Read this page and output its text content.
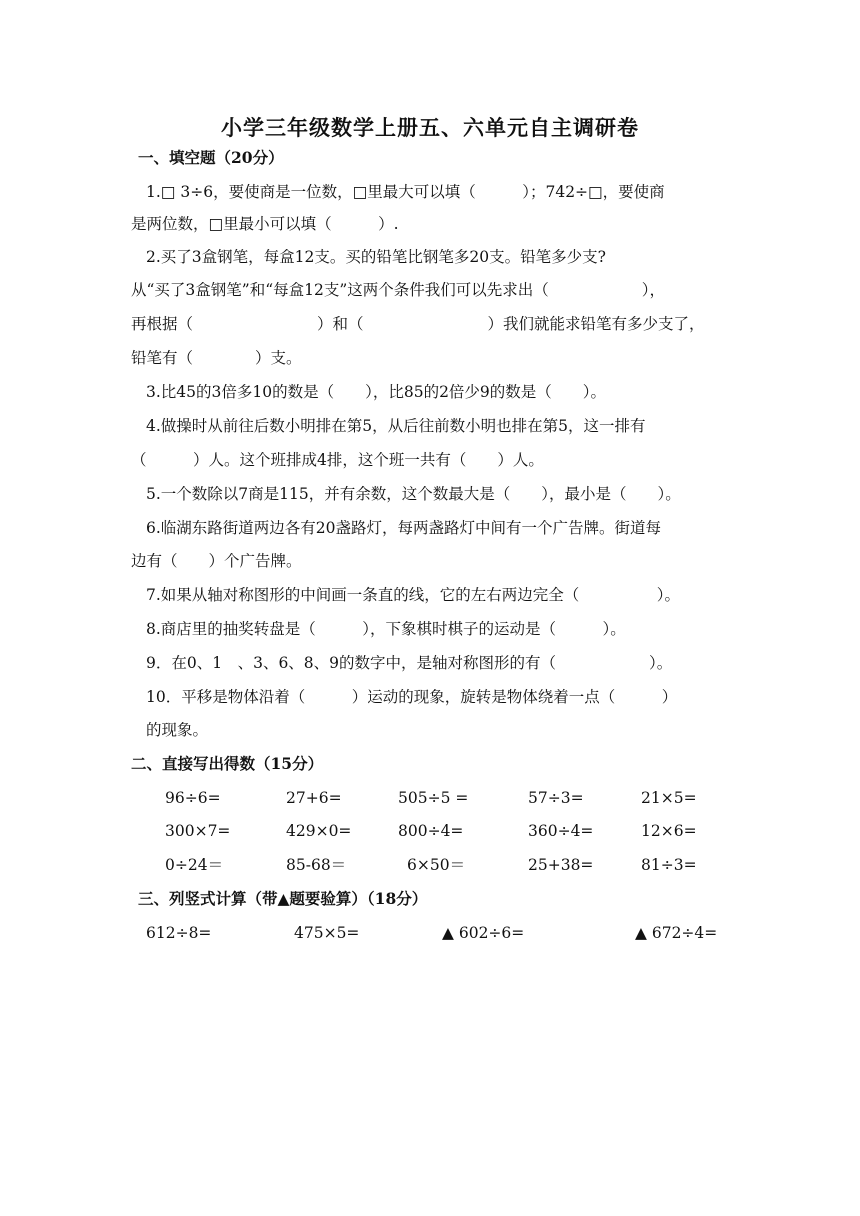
小学三年级数学上册五、六单元自主调研卷
一、填空题（20分）
1.□ 3÷6，要使商是一位数，□里最大可以填（　　　）；742÷□，要使商
是两位数，□里最小可以填（　　　）.
2.买了3盒钢笔，每盒12支。买的铅笔比钢笔多20支。铅笔多少支?
从“买了3盒钢笔”和“每盒12支”这两个条件我们可以先求出（　　　　　　），
再根据（　　　　　　　　）和（　　　　　　　　）我们就能求铅笔有多少支了，
铅笔有（　　　　）支。
3.比45的3倍多10的数是（　　），比85的2倍少9的数是（　　）。
4.做操时从前往后数小明排在第5，从后往前数小明也排在第5，这一排有
（　　　）人。这个班排成4排，这个班一共有（　　）人。
5.一个数除以7商是115，并有余数，这个数最大是（　　），最小是（　　）。
6.临湖东路街道两边各有20盏路灯，每两盏路灯中间有一个广告牌。街道每
边有（　　）个广告牌。
7.如果从轴对称图形的中间画一条直的线，它的左右两边完全（　　　　　）。
8.商店里的抽奖转盘是（　　　），下象棋时棋子的运动是（　　　）。
9．在0、1　、3、6、8、9的数字中，是轴对称图形的有（　　　　　　）。
10．平移是物体沿着（　　　）运动的现象，旋转是物体绕着一点（　　　）
的现象。
二、直接写出得数（15分）
96÷6=	27+6=	505÷5 =	57÷3=	21×5=
300×7=	429×0=	800÷4=	360÷4=	12×6=
0÷24＝	85-68＝	6×50＝	25+38=	81÷3=
三、列竖式计算（带▲题要验算）（18分）
612÷8=	475×5=	▲ 602÷6=	▲ 672÷4=
